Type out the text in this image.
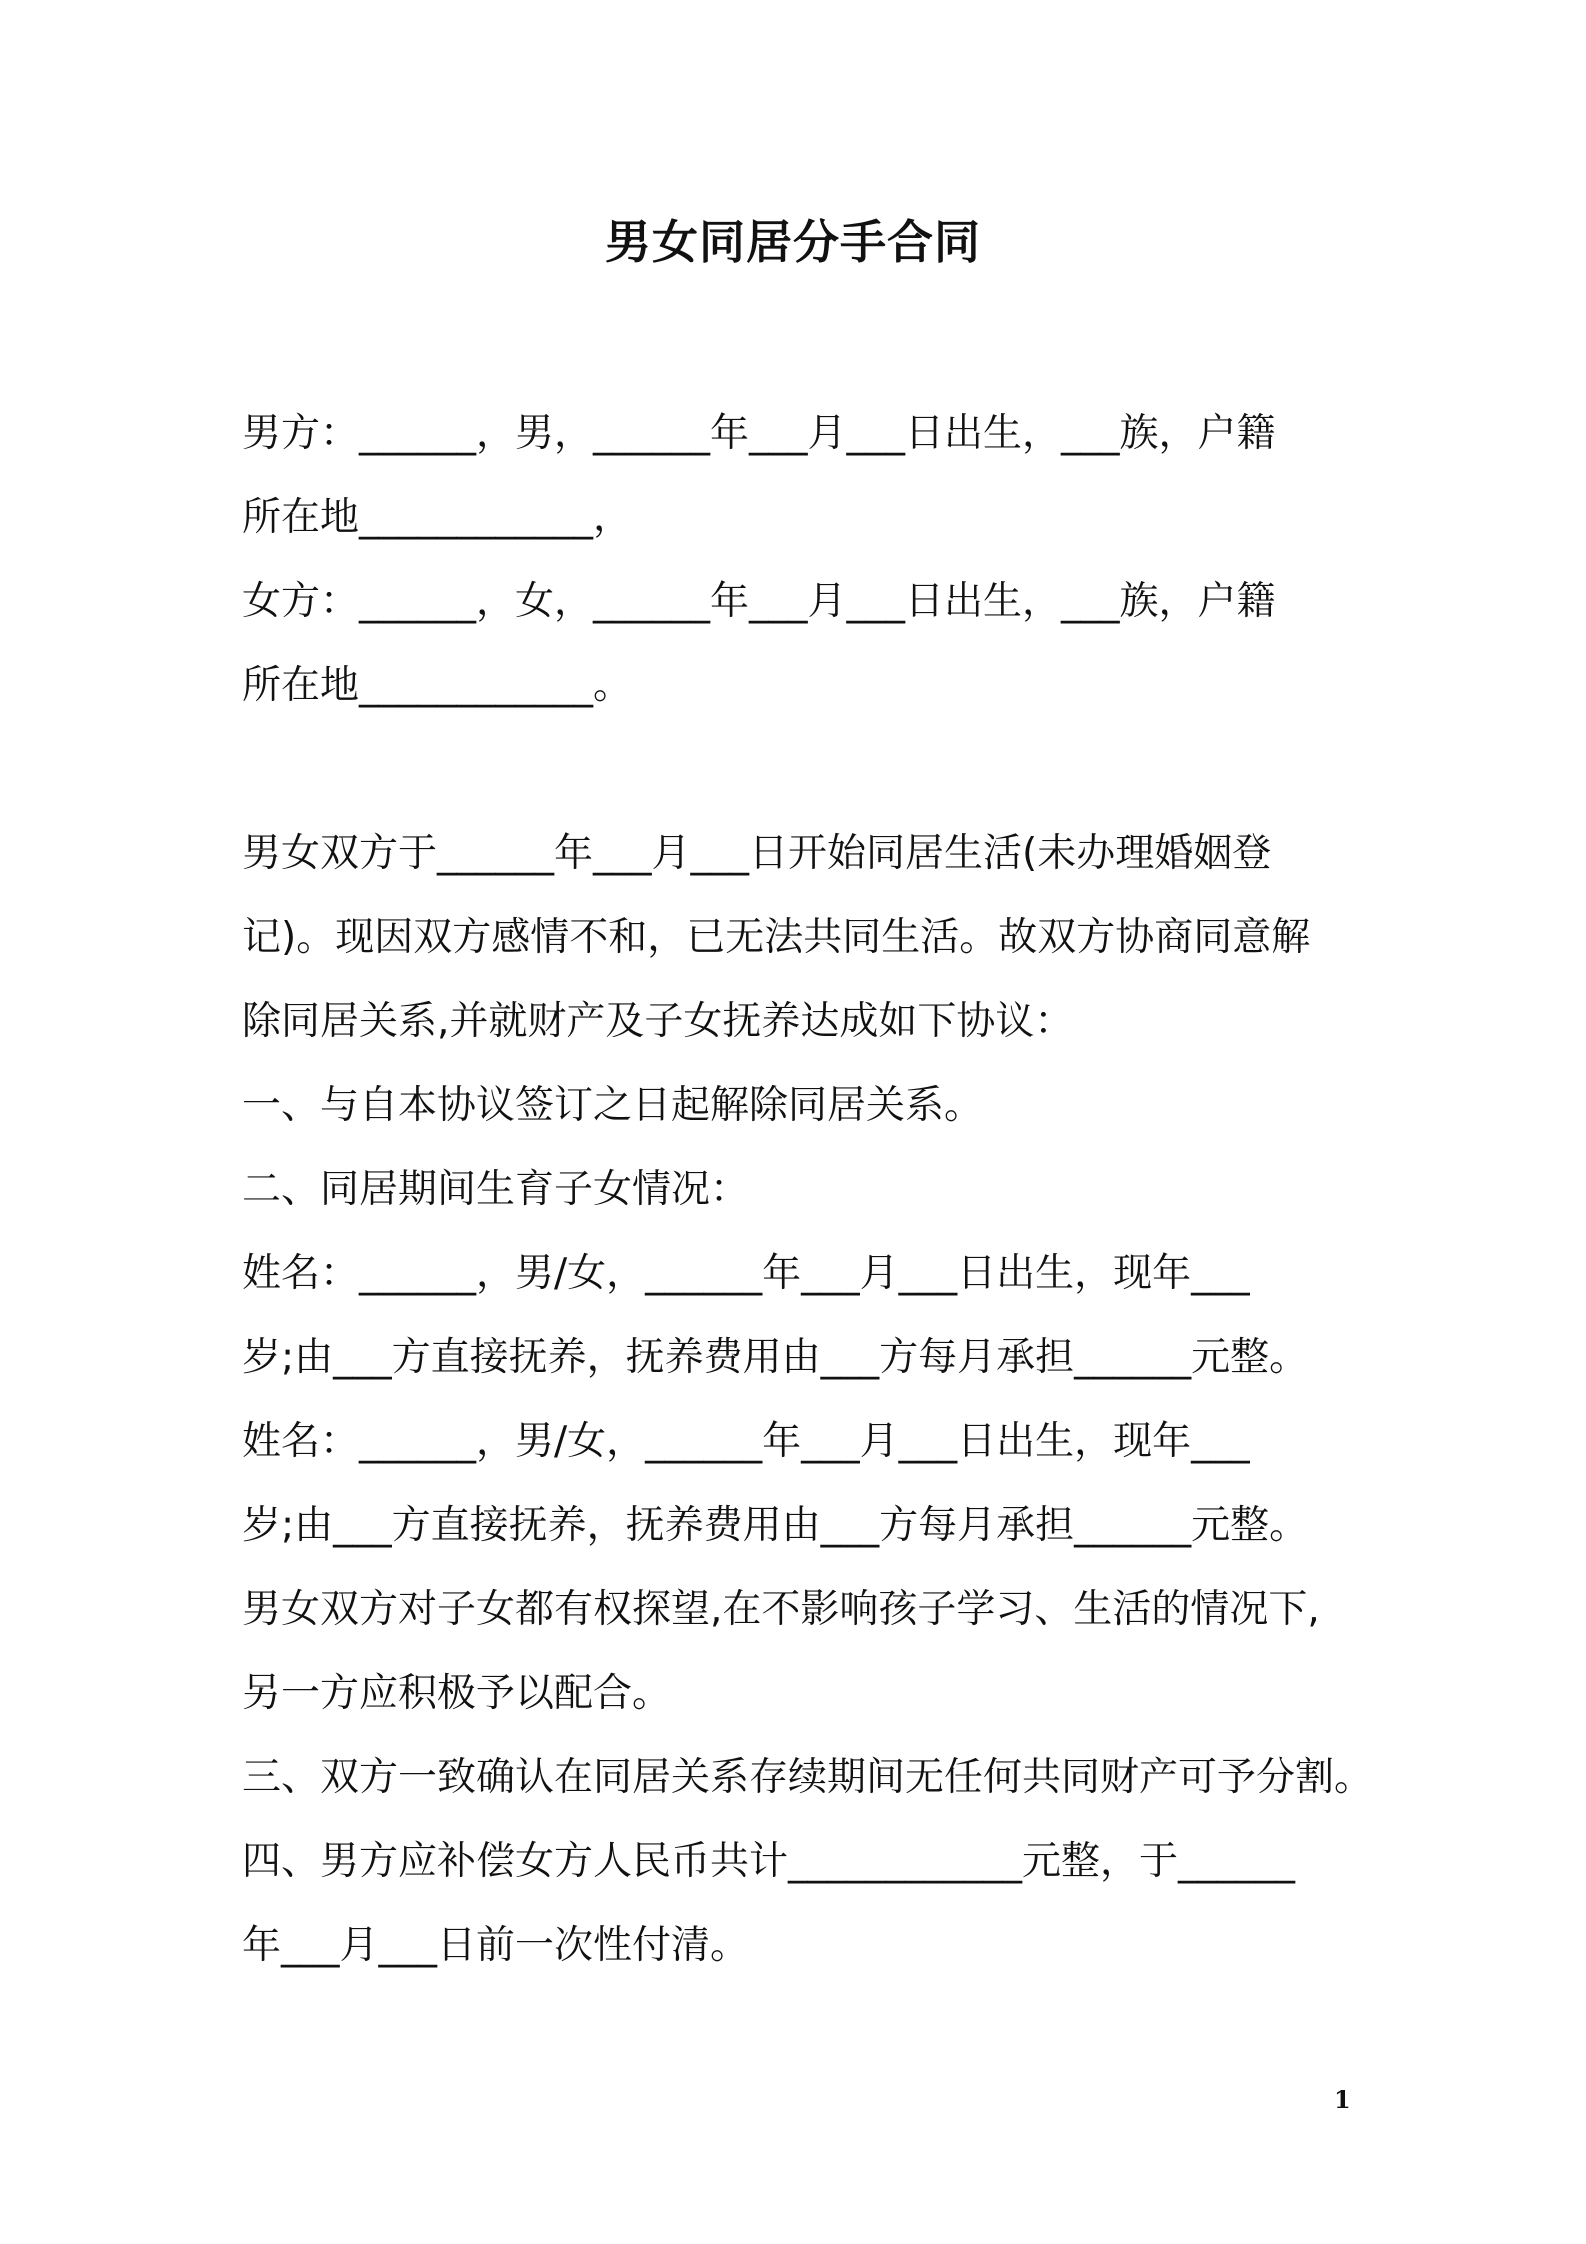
男女同居分手合同
男方：______，男，______年___月___日出生，___族，户籍
所在地____________，
女方：______，女，______年___月___日出生，___族，户籍
所在地____________。
男女双方于______年___月___日开始同居生活(未办理婚姻登
记)。现因双方感情不和，已无法共同生活。故双方协商同意解
除同居关系,并就财产及子女抚养达成如下协议：
一、与自本协议签订之日起解除同居关系。
二、同居期间生育子女情况：
姓名：______，男/女，______年___月___日出生，现年___
岁;由___方直接抚养，抚养费用由___方每月承担______元整。
姓名：______，男/女，______年___月___日出生，现年___
岁;由___方直接抚养，抚养费用由___方每月承担______元整。
男女双方对子女都有权探望,在不影响孩子学习、生活的情况下,
另一方应积极予以配合。
三、双方一致确认在同居关系存续期间无任何共同财产可予分割。
四、男方应补偿女方人民币共计____________元整，于______
年___月___日前一次性付清。
1
